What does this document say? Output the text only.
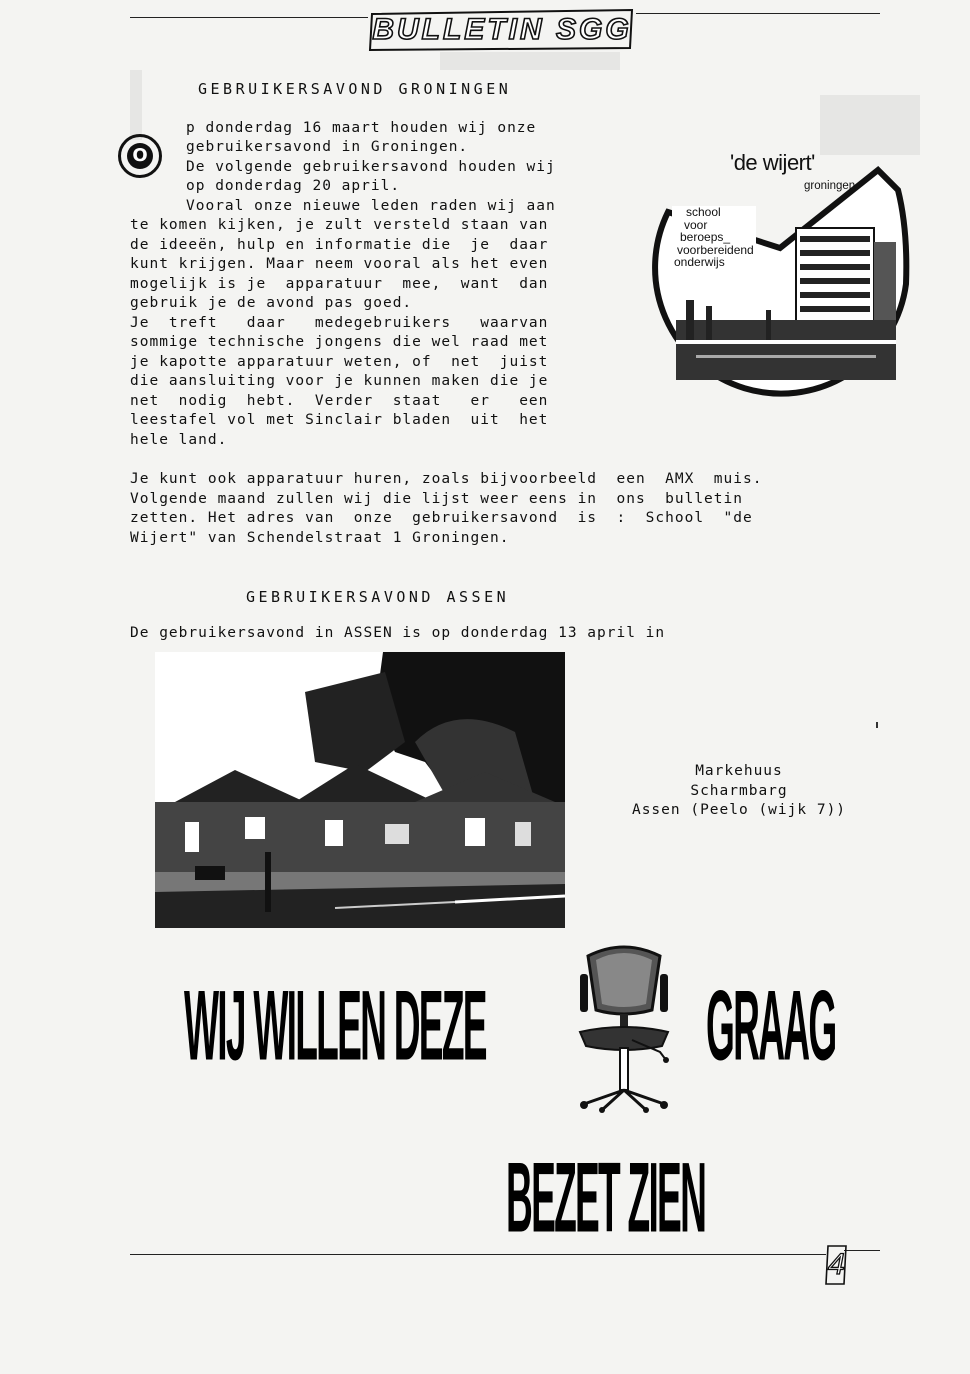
BULLETIN SGG
GEBRUIKERSAVOND GRONINGEN
O
p donderdag 16 maart houden wij onze
gebruikersavond in Groningen.
De volgende gebruikersavond houden wij
op donderdag 20 april.
Vooral onze nieuwe leden raden wij aan
te komen kijken, je zult versteld staan van
de ideeën, hulp en informatie die  je  daar
kunt krijgen. Maar neem vooral als het even
mogelijk is je  apparatuur  mee,  want  dan
gebruik je de avond pas goed.
Je  treft   daar   medegebruikers   waarvan
sommige technische jongens die wel raad met
je kapotte apparatuur weten, of  net  juist
die aansluiting voor je kunnen maken die je
net  nodig  hebt.  Verder  staat   er   een
leestafel vol met Sinclair bladen  uit  het
hele land.
Je kunt ook apparatuur huren, zoals bijvoorbeeld  een  AMX  muis.
Volgende maand zullen wij die lijst weer eens in  ons  bulletin
zetten. Het adres van  onze  gebruikersavond  is  :  School  "de
Wijert" van Schendelstraat 1 Groningen.
'de wijert'
groningen
school
voor
beroeps_
voorbereidend
onderwijs
GEBRUIKERSAVOND ASSEN
De gebruikersavond in ASSEN is op donderdag 13 april in
Markehuus
Scharmbarg
Assen (Peelo (wijk 7))
WIJ WILLEN DEZE	GRAAG
BEZET ZIEN
4
